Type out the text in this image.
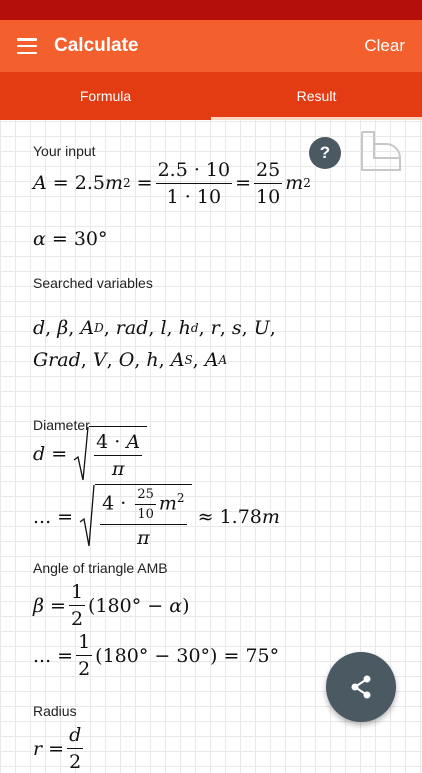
Calculate	Clear
Formula	Result
?
Your input
A = 2.5 m $2 = \frac{2.5 \cdot 10}{1 \cdot 10} = \frac{25}{10}$ m 2
α = 30°
Searched variables
d , β , A D , rad , l , h d , r , s , U ,
Grad , V , O , h , A S , A A
Diameter
$d = \frac{4 \cdot A}{\pi}$
... = $\frac{4 \cdot \frac{25}{10} m^2}{\pi} \approx 1.78$ m
Angle of triangle AMB
$\beta = \frac{1}{2} (180^\circ - \alpha$ )
... = $\frac{1}{2} (180^\circ - 30^\circ$ ) = 75°
Radius
$r = \frac{d}{2}$
